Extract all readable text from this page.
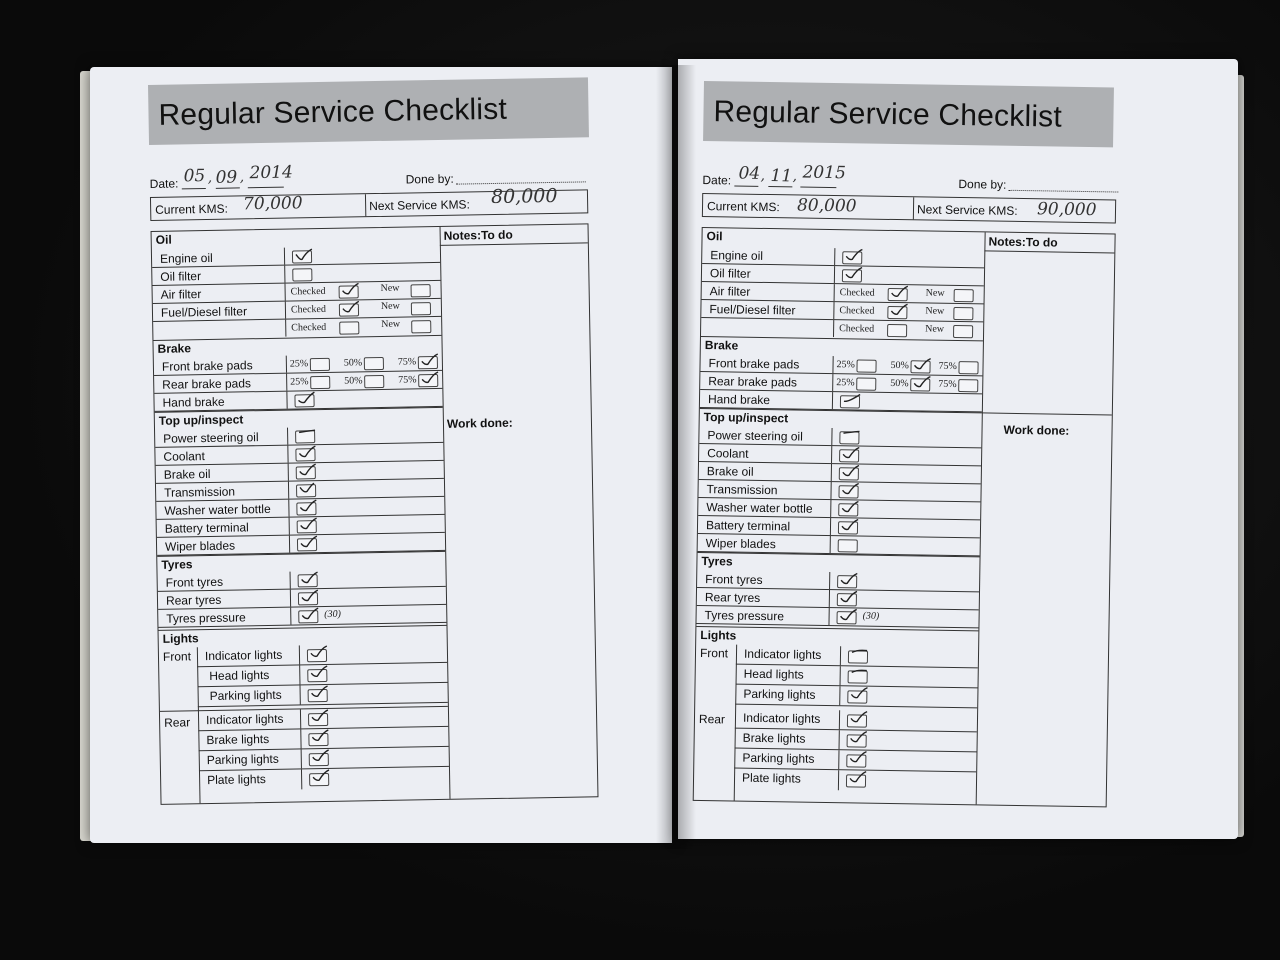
Regular Service Checklist
Date: 05 , 09 , 2014	Done by:
Current KMS: 70,000	Next Service KMS: 80,000
Notes:To do
Work done:
Oil
Engine oil
Oil filter
Air filter	Checked	New
Fuel/Diesel filter	Checked	New
Checked	New
Brake
Front brake pads	25%	50%	75%
Rear brake pads	25%	50%	75%
Hand brake
Top up/inspect
Power steering oil
Coolant
Brake oil
Transmission
Washer water bottle
Battery terminal
Wiper blades
Tyres
Front tyres
Rear tyres
Tyres pressure	(30)
Lights
Front Indicator lights
Head lights
Parking lights
Rear Indicator lights
Brake lights
Parking lights
Plate lights
Regular Service Checklist
Date: 04 , 11 , 2015
Done by:
Current KMS: 80,000	Next Service KMS: 90,000
Notes:To do
Work done:
Oil
Engine oil
Oil filter
Air filter	Checked	New
Fuel/Diesel filter	Checked	New
Checked	New
Brake
Front brake pads	25%	50%	75%
Rear brake pads	25%	50%	75%
Hand brake
Top up/inspect
Power steering oil
Coolant
Brake oil
Transmission
Washer water bottle
Battery terminal
Wiper blades
Tyres
Front tyres
Rear tyres
Tyres pressure	(30)
Lights
Front Indicator lights
Head lights
Parking lights
Rear Indicator lights
Brake lights
Parking lights
Plate lights
